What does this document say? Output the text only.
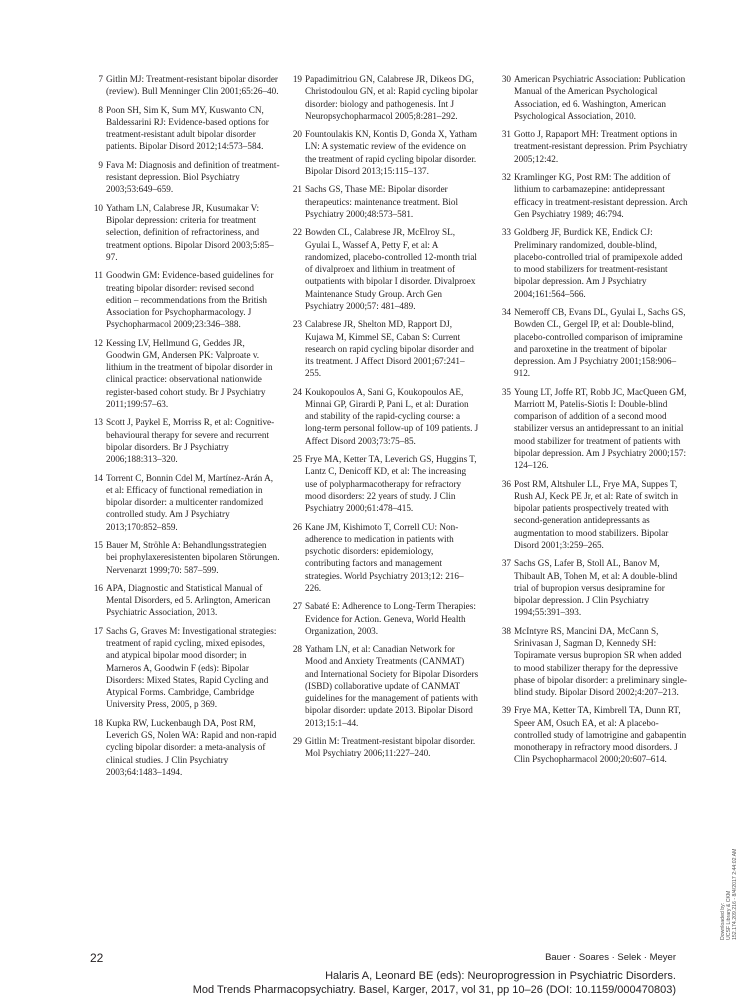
7 Gitlin MJ: Treatment-resistant bipolar disorder (review). Bull Menninger Clin 2001;65:26–40.
8 Poon SH, Sim K, Sum MY, Kuswanto CN, Baldessarini RJ: Evidence-based options for treatment-resistant adult bipolar disorder patients. Bipolar Disord 2012;14:573–584.
9 Fava M: Diagnosis and definition of treatment-resistant depression. Biol Psychiatry 2003;53:649–659.
10 Yatham LN, Calabrese JR, Kusumakar V: Bipolar depression: criteria for treatment selection, definition of refractoriness, and treatment options. Bipolar Disord 2003;5:85–97.
11 Goodwin GM: Evidence-based guidelines for treating bipolar disorder: revised second edition – recommendations from the British Association for Psychopharmacology. J Psychopharmacol 2009;23:346–388.
12 Kessing LV, Hellmund G, Geddes JR, Goodwin GM, Andersen PK: Valproate v. lithium in the treatment of bipolar disorder in clinical practice: observational nationwide register-based cohort study. Br J Psychiatry 2011;199:57–63.
13 Scott J, Paykel E, Morriss R, et al: Cognitive-behavioural therapy for severe and recurrent bipolar disorders. Br J Psychiatry 2006;188:313–320.
14 Torrent C, Bonnin Cdel M, Martínez-Arán A, et al: Efficacy of functional remediation in bipolar disorder: a multicenter randomized controlled study. Am J Psychiatry 2013;170:852–859.
15 Bauer M, Ströhle A: Behandlungsstrategien bei prophylaxeresistenten bipolaren Störungen. Nervenarzt 1999;70: 587–599.
16 APA, Diagnostic and Statistical Manual of Mental Disorders, ed 5. Arlington, American Psychiatric Association, 2013.
17 Sachs G, Graves M: Investigational strategies: treatment of rapid cycling, mixed episodes, and atypical bipolar mood disorder; in Marneros A, Goodwin F (eds): Bipolar Disorders: Mixed States, Rapid Cycling and Atypical Forms. Cambridge, Cambridge University Press, 2005, p 369.
18 Kupka RW, Luckenbaugh DA, Post RM, Leverich GS, Nolen WA: Rapid and non-rapid cycling bipolar disorder: a meta-analysis of clinical studies. J Clin Psychiatry 2003;64:1483–1494.
19 Papadimitriou GN, Calabrese JR, Dikeos DG, Christodoulou GN, et al: Rapid cycling bipolar disorder: biology and pathogenesis. Int J Neuropsychopharmacol 2005;8:281–292.
20 Fountoulakis KN, Kontis D, Gonda X, Yatham LN: A systematic review of the evidence on the treatment of rapid cycling bipolar disorder. Bipolar Disord 2013;15:115–137.
21 Sachs GS, Thase ME: Bipolar disorder therapeutics: maintenance treatment. Biol Psychiatry 2000;48:573–581.
22 Bowden CL, Calabrese JR, McElroy SL, Gyulai L, Wassef A, Petty F, et al: A randomized, placebo-controlled 12-month trial of divalproex and lithium in treatment of outpatients with bipolar I disorder. Divalproex Maintenance Study Group. Arch Gen Psychiatry 2000;57: 481–489.
23 Calabrese JR, Shelton MD, Rapport DJ, Kujawa M, Kimmel SE, Caban S: Current research on rapid cycling bipolar disorder and its treatment. J Affect Disord 2001;67:241–255.
24 Koukopoulos A, Sani G, Koukopoulos AE, Minnai GP, Girardi P, Pani L, et al: Duration and stability of the rapid-cycling course: a long-term personal follow-up of 109 patients. J Affect Disord 2003;73:75–85.
25 Frye MA, Ketter TA, Leverich GS, Huggins T, Lantz C, Denicoff KD, et al: The increasing use of polypharmacotherapy for refractory mood disorders: 22 years of study. J Clin Psychiatry 2000;61:478–415.
26 Kane JM, Kishimoto T, Correll CU: Non-adherence to medication in patients with psychotic disorders: epidemiology, contributing factors and management strategies. World Psychiatry 2013;12: 216–226.
27 Sabaté E: Adherence to Long-Term Therapies: Evidence for Action. Geneva, World Health Organization, 2003.
28 Yatham LN, et al: Canadian Network for Mood and Anxiety Treatments (CANMAT) and International Society for Bipolar Disorders (ISBD) collaborative update of CANMAT guidelines for the management of patients with bipolar disorder: update 2013. Bipolar Disord 2013;15:1–44.
29 Gitlin M: Treatment-resistant bipolar disorder. Mol Psychiatry 2006;11:227–240.
30 American Psychiatric Association: Publication Manual of the American Psychological Association, ed 6. Washington, American Psychological Association, 2010.
31 Gotto J, Rapaport MH: Treatment options in treatment-resistant depression. Prim Psychiatry 2005;12:42.
32 Kramlinger KG, Post RM: The addition of lithium to carbamazepine: antidepressant efficacy in treatment-resistant depression. Arch Gen Psychiatry 1989; 46:794.
33 Goldberg JF, Burdick KE, Endick CJ: Preliminary randomized, double-blind, placebo-controlled trial of pramipexole added to mood stabilizers for treatment-resistant bipolar depression. Am J Psychiatry 2004;161:564–566.
34 Nemeroff CB, Evans DL, Gyulai L, Sachs GS, Bowden CL, Gergel IP, et al: Double-blind, placebo-controlled comparison of imipramine and paroxetine in the treatment of bipolar depression. Am J Psychiatry 2001;158:906–912.
35 Young LT, Joffe RT, Robb JC, MacQueen GM, Marriott M, Patelis-Siotis I: Double-blind comparison of addition of a second mood stabilizer versus an antidepressant to an initial mood stabilizer for treatment of patients with bipolar depression. Am J Psychiatry 2000;157: 124–126.
36 Post RM, Altshuler LL, Frye MA, Suppes T, Rush AJ, Keck PE Jr, et al: Rate of switch in bipolar patients prospectively treated with second-generation antidepressants as augmentation to mood stabilizers. Bipolar Disord 2001;3:259–265.
37 Sachs GS, Lafer B, Stoll AL, Banov M, Thibault AB, Tohen M, et al: A double-blind trial of bupropion versus desipramine for bipolar depression. J Clin Psychiatry 1994;55:391–393.
38 McIntyre RS, Mancini DA, McCann S, Srinivasan J, Sagman D, Kennedy SH: Topiramate versus bupropion SR when added to mood stabilizer therapy for the depressive phase of bipolar disorder: a preliminary single-blind study. Bipolar Disord 2002;4:207–213.
39 Frye MA, Ketter TA, Kimbrell TA, Dunn RT, Speer AM, Osuch EA, et al: A placebo-controlled study of lamotrigine and gabapentin monotherapy in refractory mood disorders. J Clin Psychopharmacol 2000;20:607–614.
22	Bauer · Soares · Selek · Meyer
Halaris A, Leonard BE (eds): Neuroprogression in Psychiatric Disorders.
Mod Trends Pharmacopsychiatry. Basel, Karger, 2017, vol 31, pp 10–26 (DOI: 10.1159/000470803)
Downloaded by: UCSF Library & CKM 152.174.209.216 - 8/4/2017 2:44:02 AM
